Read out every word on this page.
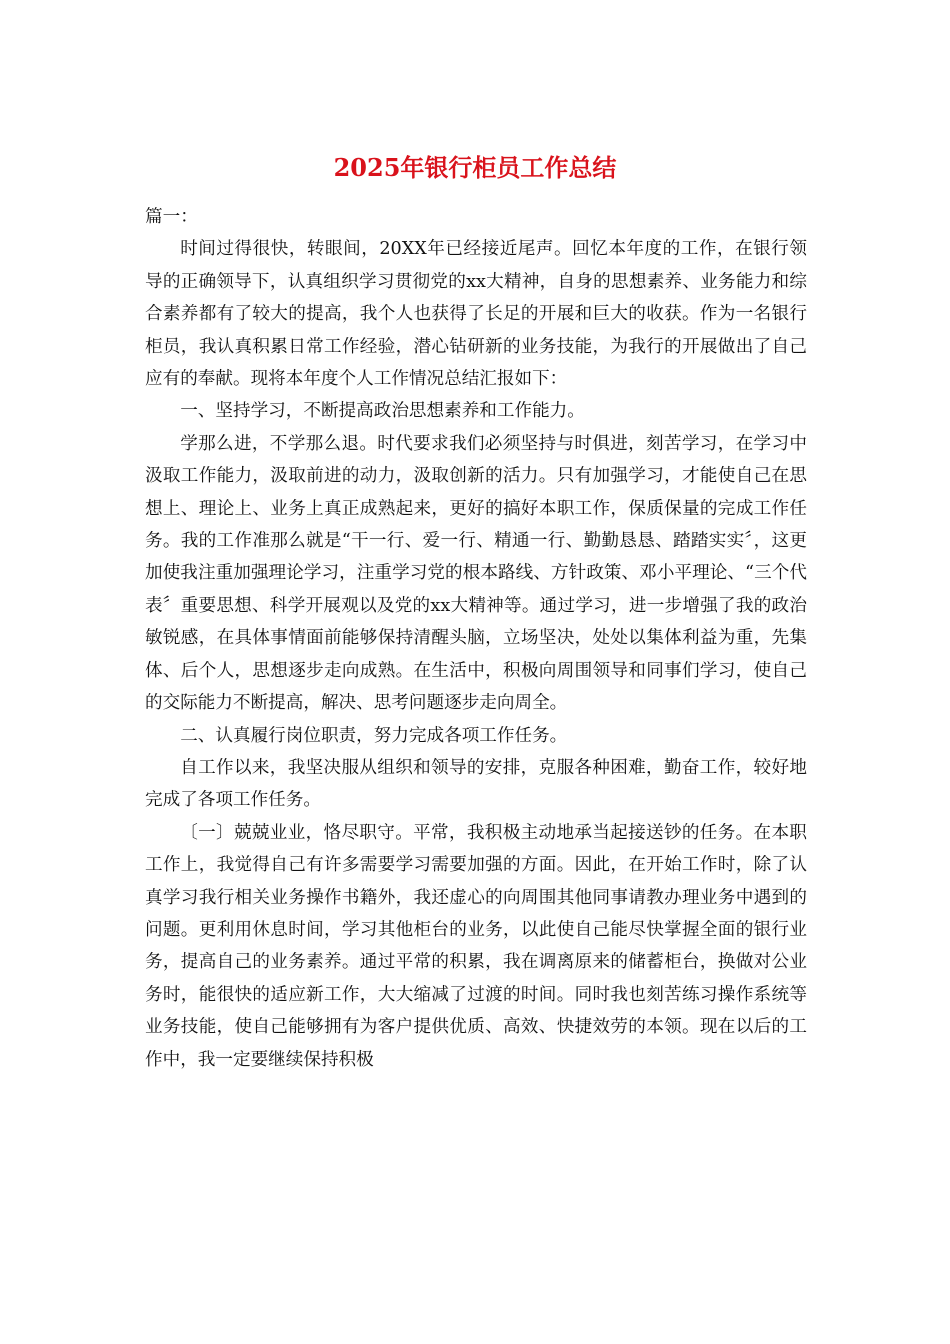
2025年银行柜员工作总结

篇一：

时间过得很快，转眼间，20XX年已经接近尾声。回忆本年度的工作，在银行领导的正确领导下，认真组织学习贯彻党的xx大精神，自身的思想素养、业务能力和综合素养都有了较大的提高，我个人也获得了长足的开展和巨大的收获。作为一名银行柜员，我认真积累日常工作经验，潜心钻研新的业务技能，为我行的开展做出了自己应有的奉献。现将本年度个人工作情况总结汇报如下：

一、坚持学习，不断提高政治思想素养和工作能力。

学那么进，不学那么退。时代要求我们必须坚持与时俱进，刻苦学习，在学习中汲取工作能力，汲取前进的动力，汲取创新的活力。只有加强学习，才能使自己在思想上、理论上、业务上真正成熟起来，更好的搞好本职工作，保质保量的完成工作任务。我的工作准那么就是“干一行、爱一行、精通一行、勤勤恳恳、踏踏实实〞，这更加使我注重加强理论学习，注重学习党的根本路线、方针政策、邓小平理论、“三个代表〞重要思想、科学开展观以及党的xx大精神等。通过学习，进一步增强了我的政治敏锐感，在具体事情面前能够保持清醒头脑，立场坚决，处处以集体利益为重，先集体、后个人，思想逐步走向成熟。在生活中，积极向周围领导和同事们学习，使自己的交际能力不断提高，解决、思考问题逐步走向周全。

二、认真履行岗位职责，努力完成各项工作任务。

自工作以来，我坚决服从组织和领导的安排，克服各种困难，勤奋工作，较好地完成了各项工作任务。

〔一〕兢兢业业，恪尽职守。平常，我积极主动地承当起接送钞的任务。在本职工作上，我觉得自己有许多需要学习需要加强的方面。因此，在开始工作时，除了认真学习我行相关业务操作书籍外，我还虚心的向周围其他同事请教办理业务中遇到的问题。更利用休息时间，学习其他柜台的业务，以此使自己能尽快掌握全面的银行业务，提高自己的业务素养。通过平常的积累，我在调离原来的储蓄柜台，换做对公业务时，能很快的适应新工作，大大缩减了过渡的时间。同时我也刻苦练习操作系统等业务技能，使自己能够拥有为客户提供优质、高效、快捷效劳的本领。现在以后的工作中，我一定要继续保持积极
